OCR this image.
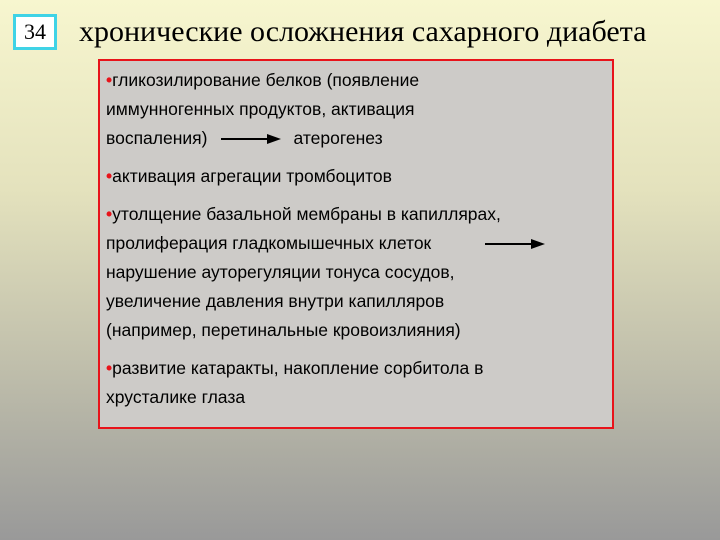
34	хронические осложнения сахарного диабета
•гликозилирование белков (появление
иммунногенных продуктов, активация
воспаления)	атерогенез
•активация агрегации тромбоцитов
•утолщение базальной мембраны в капиллярах,
пролиферация гладкомышечных клеток
нарушение ауторегуляции тонуса сосудов,
увеличение давления внутри капилляров
(например, перетинальные кровоизлияния)
•развитие катаракты, накопление сорбитола в
хрусталике глаза
